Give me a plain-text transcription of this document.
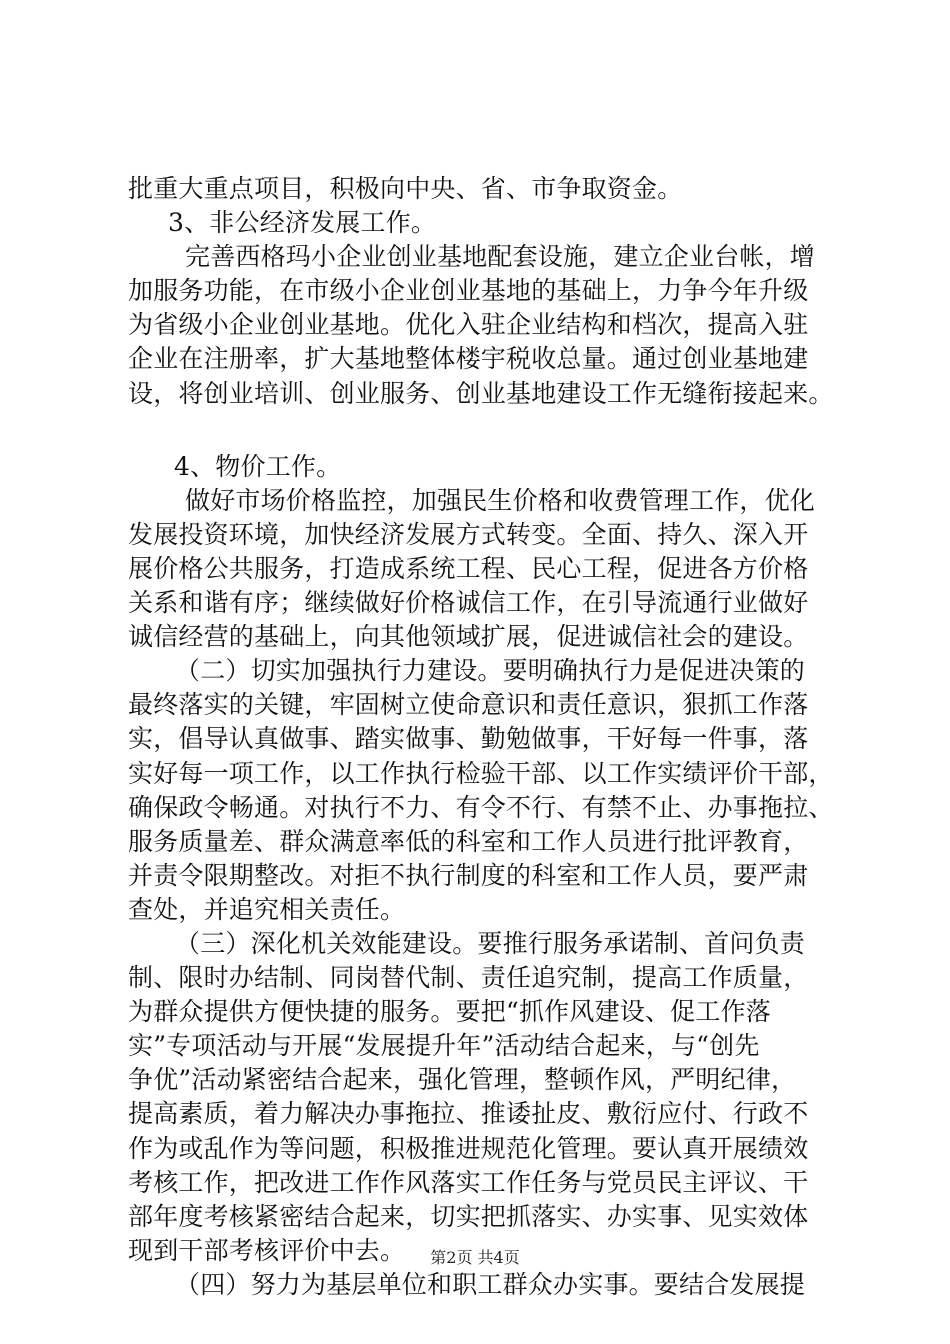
批重大重点项目，积极向中央、省、市争取资金。
3、非公经济发展工作。
完善西格玛小企业创业基地配套设施，建立企业台帐，增
加服务功能，在市级小企业创业基地的基础上，力争今年升级
为省级小企业创业基地。优化入驻企业结构和档次，提高入驻
企业在注册率，扩大基地整体楼宇税收总量。通过创业基地建
设，将创业培训、创业服务、创业基地建设工作无缝衔接起来。
4、物价工作。
做好市场价格监控，加强民生价格和收费管理工作，优化
发展投资环境，加快经济发展方式转变。全面、持久、深入开
展价格公共服务，打造成系统工程、民心工程，促进各方价格
关系和谐有序；继续做好价格诚信工作，在引导流通行业做好
诚信经营的基础上，向其他领域扩展，促进诚信社会的建设。
（二）切实加强执行力建设。要明确执行力是促进决策的
最终落实的关键，牢固树立使命意识和责任意识，狠抓工作落
实，倡导认真做事、踏实做事、勤勉做事，干好每一件事，落
实好每一项工作，以工作执行检验干部、以工作实绩评价干部，
确保政令畅通。对执行不力、有令不行、有禁不止、办事拖拉、
服务质量差、群众满意率低的科室和工作人员进行批评教育，
并责令限期整改。对拒不执行制度的科室和工作人员，要严肃
查处，并追究相关责任。
（三）深化机关效能建设。要推行服务承诺制、首问负责
制、限时办结制、同岗替代制、责任追究制，提高工作质量，
为群众提供方便快捷的服务。要把“抓作风建设、促工作落
实”专项活动与开展“发展提升年”活动结合起来，与“创先
争优”活动紧密结合起来，强化管理，整顿作风，严明纪律，
提高素质，着力解决办事拖拉、推诿扯皮、敷衍应付、行政不
作为或乱作为等问题，积极推进规范化管理。要认真开展绩效
考核工作，把改进工作作风落实工作任务与党员民主评议、干
部年度考核紧密结合起来，切实把抓落实、办实事、见实效体
现到干部考核评价中去。
（四）努力为基层单位和职工群众办实事。要结合发展提
第2页 共4页
